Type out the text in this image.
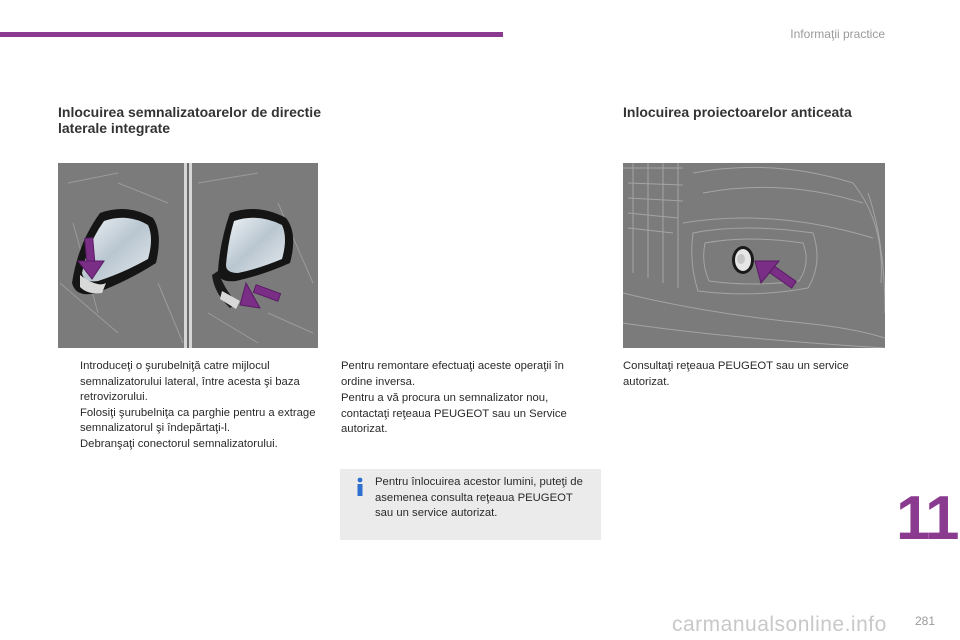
Informaţii practice
Inlocuirea semnalizatoarelor de directie laterale integrate
Inlocuirea proiectoarelor anticeata
Introduceţi o şurubelniţă catre mijlocul semnalizatorului lateral, între acesta şi baza retrovizorului.
Folosiţi şurubelniţa ca parghie pentru a extrage semnalizatorul şi îndepărtaţi-l.
Debranşaţi conectorul semnalizatorului.

Pentru remontare efectuaţi aceste operaţii în ordine inversa.

Pentru a vă procura un semnalizator nou, contactaţi reţeaua PEUGEOT sau un Service autorizat.

Pentru înlocuirea acestor lumini, puteţi de asemenea consulta reţeaua PEUGEOT sau un service autorizat.

Consultaţi reţeaua PEUGEOT sau un service autorizat.

11
281
carmanualsonline.info
